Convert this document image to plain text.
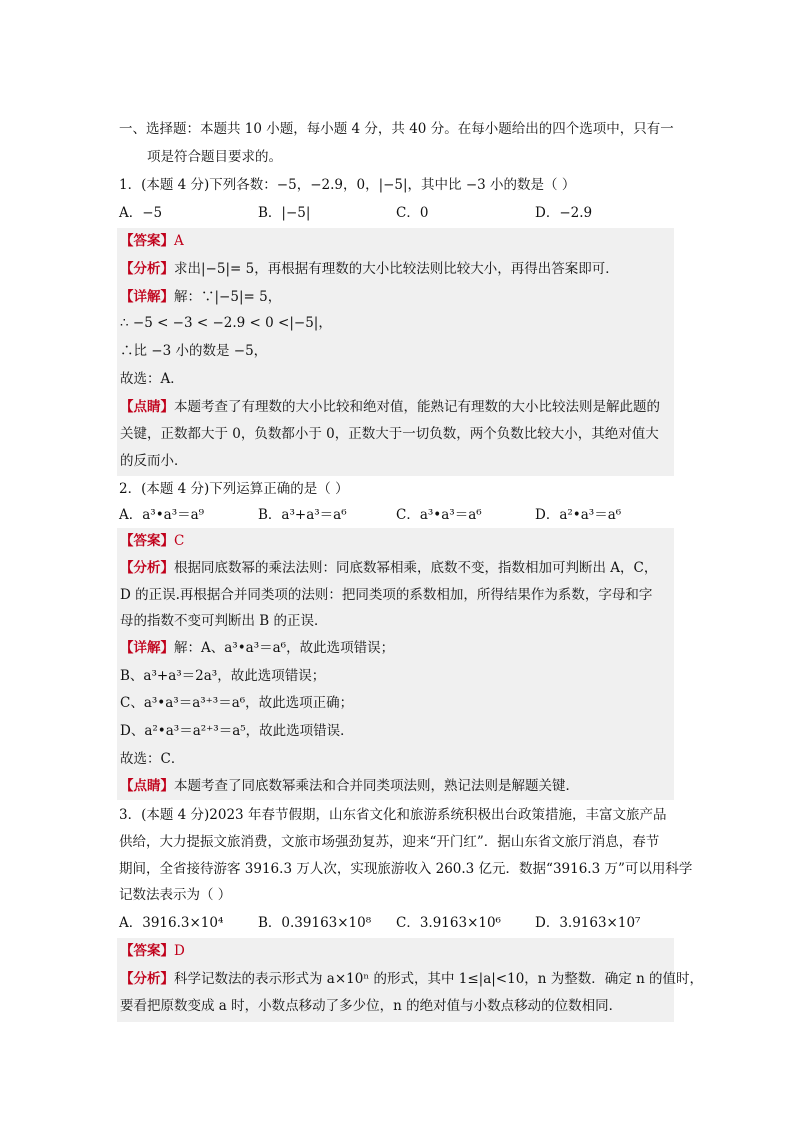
一、选择题：本题共 10 小题，每小题 4 分，共 40 分。在每小题给出的四个选项中，只有一
项是符合题目要求的。
1．(本题 4 分)下列各数：−5，−2.9，0，|−5|，其中比 −3 小的数是（ ）
A．−5	B．|−5|	C．0	D．−2.9
【答案】A
【分析】求出|−5|= 5，再根据有理数的大小比较法则比较大小，再得出答案即可．
【详解】解：∵|−5|= 5，
∴ −5 < −3 < −2.9 < 0 <|−5|，
∴比 −3 小的数是 −5，
故选：A．
【点睛】本题考查了有理数的大小比较和绝对值，能熟记有理数的大小比较法则是解此题的
关键，正数都大于 0，负数都小于 0，正数大于一切负数，两个负数比较大小，其绝对值大
的反而小．
2．(本题 4 分)下列运算正确的是（ ）
A．a³•a³＝a⁹	B．a³+a³＝a⁶	C．a³•a³＝a⁶	D．a²•a³＝a⁶
【答案】C
【分析】根据同底数幂的乘法法则：同底数幂相乘，底数不变，指数相加可判断出 A，C，
D 的正误.再根据合并同类项的法则：把同类项的系数相加，所得结果作为系数，字母和字
母的指数不变可判断出 B 的正误．
【详解】解：A、a³•a³＝a⁶，故此选项错误；
B、a³+a³＝2a³，故此选项错误；
C、a³•a³＝a³⁺³＝a⁶，故此选项正确；
D、a²•a³＝a²⁺³＝a⁵，故此选项错误．
故选：C．
【点睛】本题考查了同底数幂乘法和合并同类项法则，熟记法则是解题关键．
3．(本题 4 分)2023 年春节假期，山东省文化和旅游系统积极出台政策措施，丰富文旅产品
供给，大力提振文旅消费，文旅市场强劲复苏，迎来“开门红”．据山东省文旅厅消息，春节
期间，全省接待游客 3916.3 万人次，实现旅游收入 260.3 亿元．数据“3916.3 万”可以用科学
记数法表示为（ ）
A．3916.3×10⁴	B．0.39163×10⁸ C．3.9163×10⁶	D．3.9163×10⁷
【答案】D
【分析】科学记数法的表示形式为 a×10ⁿ 的形式，其中 1≤|a|<10，n 为整数．确定 n 的值时，
要看把原数变成 a 时，小数点移动了多少位，n 的绝对值与小数点移动的位数相同．
